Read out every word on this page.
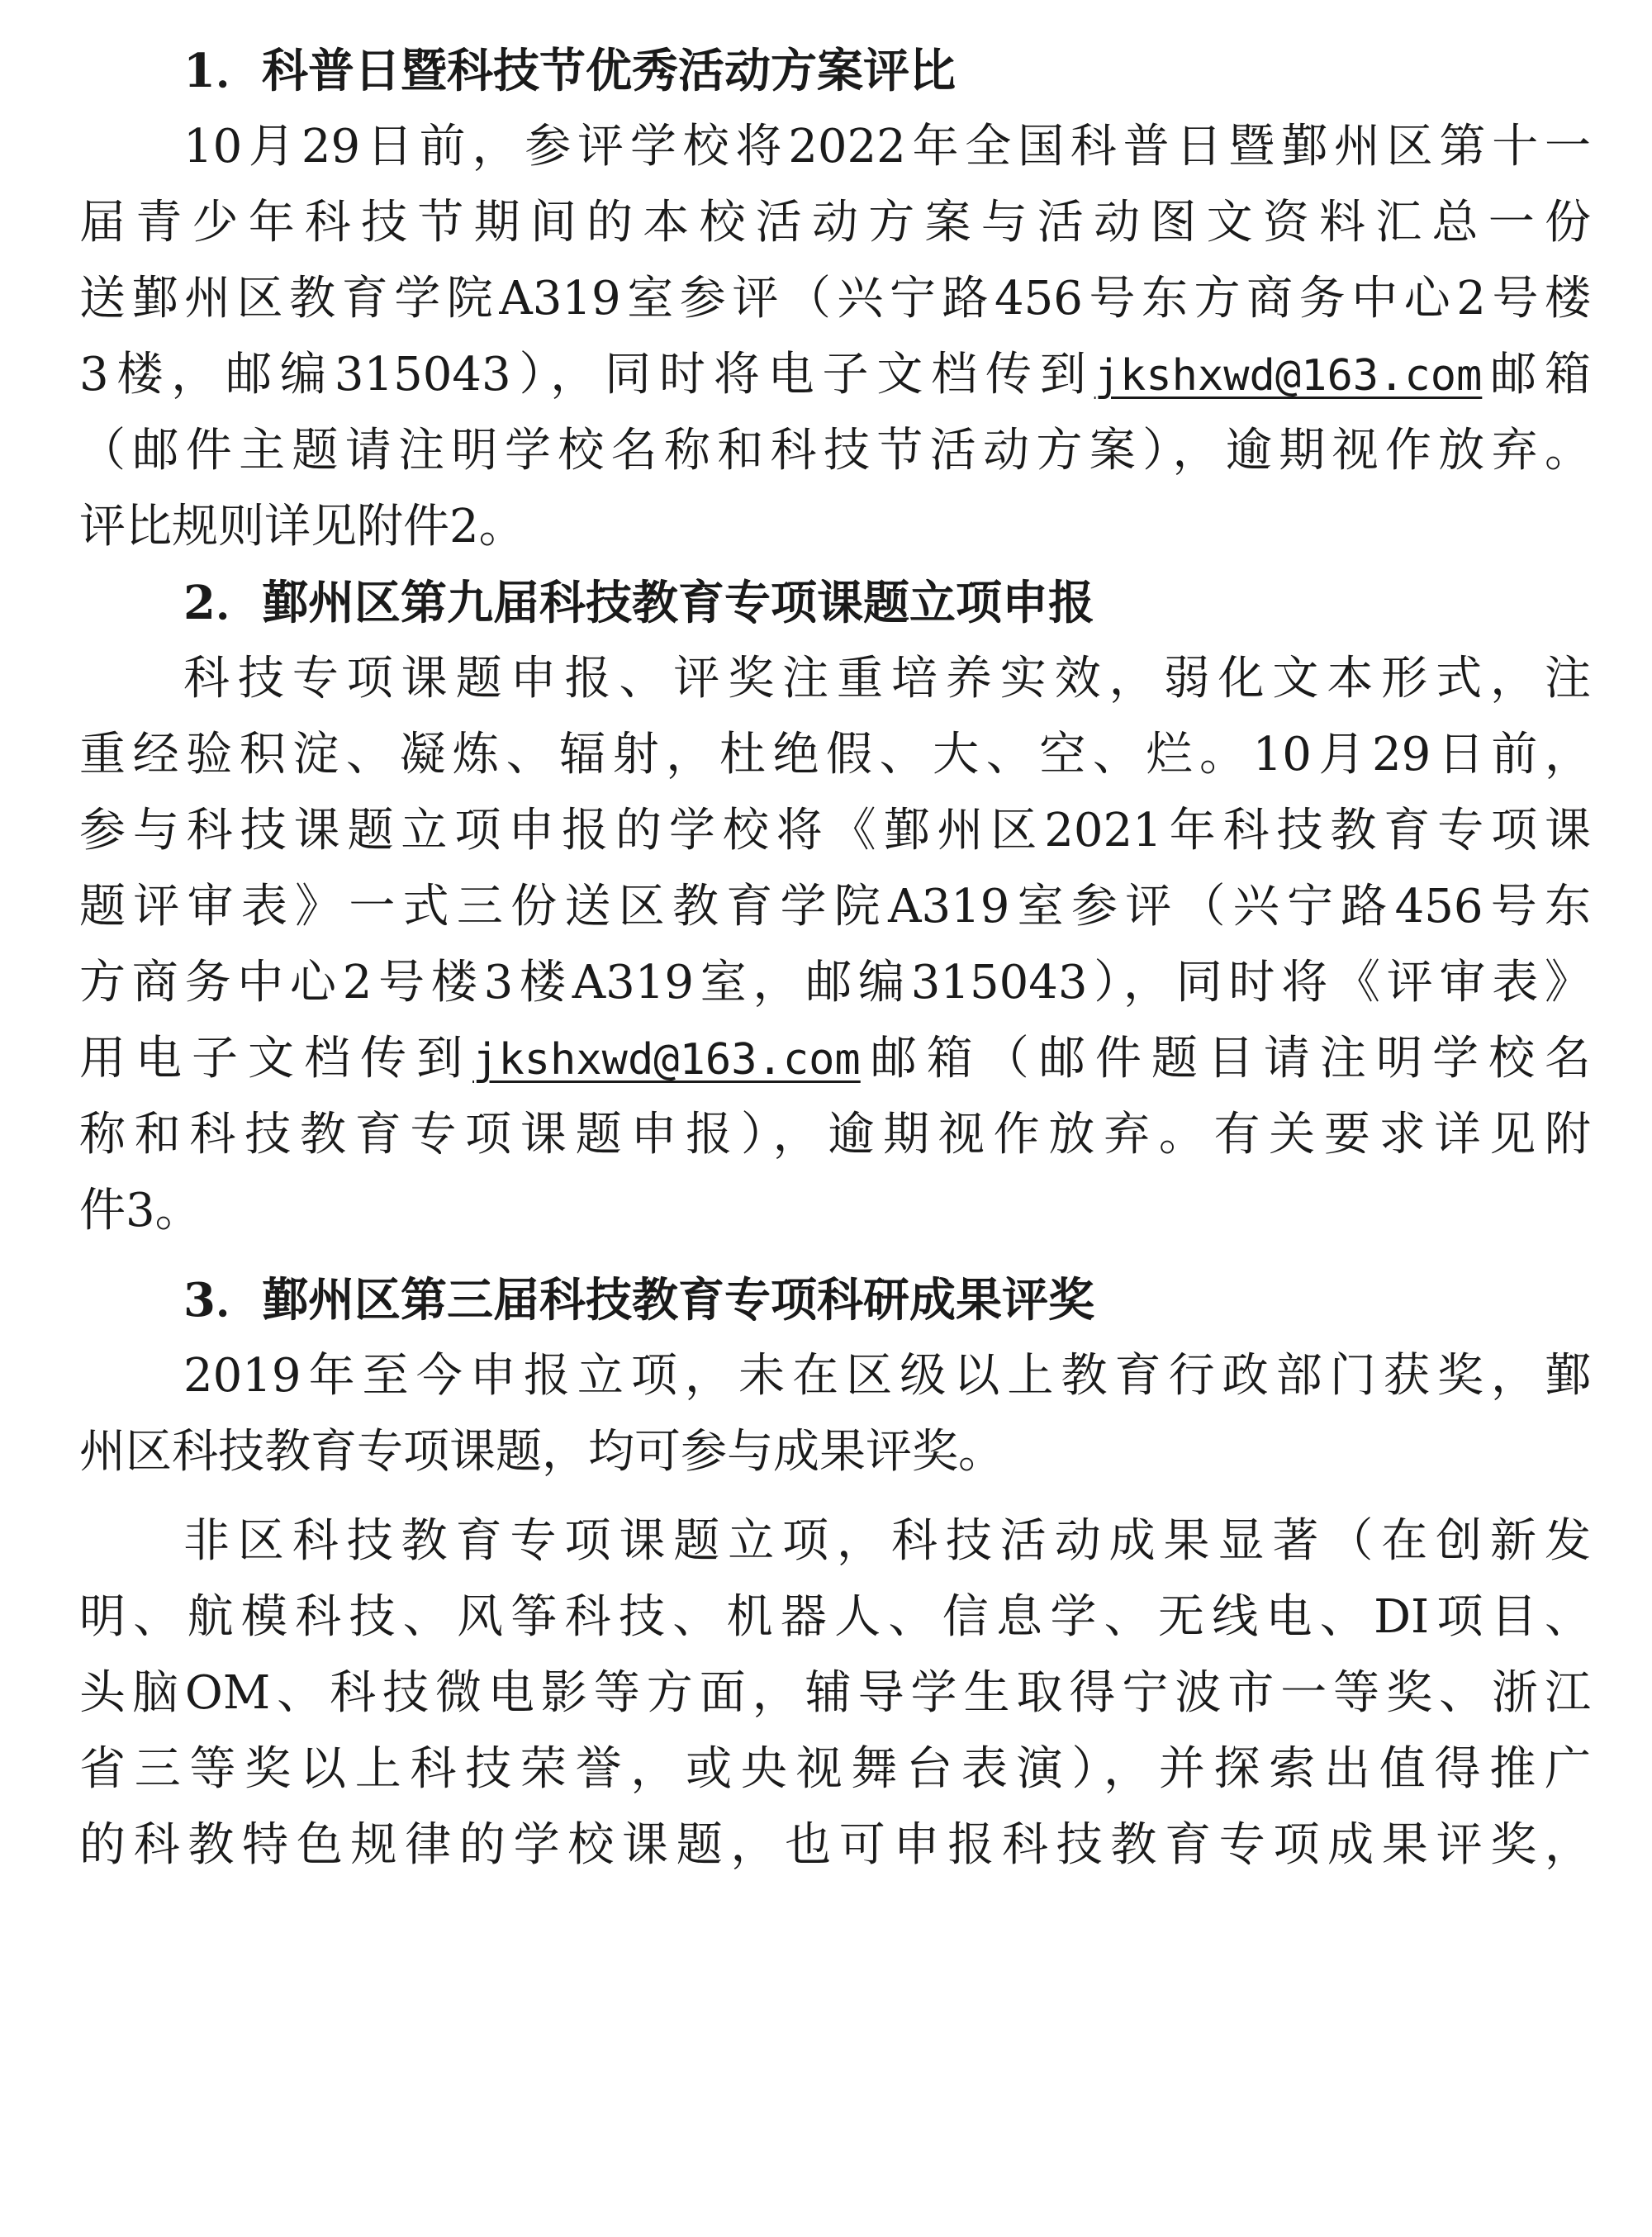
1．科普日暨科技节优秀活动方案评比
10月29日前，参评学校将2022年全国科普日暨鄞州区第十一
届青少年科技节期间的本校活动方案与活动图文资料汇总一份
送鄞州区教育学院A319室参评（兴宁路456号东方商务中心2号楼
3楼，邮编315043），同时将电子文档传到jkshxwd@163.com邮箱
（邮件主题请注明学校名称和科技节活动方案），逾期视作放弃。
评比规则详见附件2。
2．鄞州区第九届科技教育专项课题立项申报
科技专项课题申报、评奖注重培养实效，弱化文本形式，注
重经验积淀、凝炼、辐射，杜绝假、大、空、烂。10月29日前，
参与科技课题立项申报的学校将《鄞州区2021年科技教育专项课
题评审表》一式三份送区教育学院A319室参评（兴宁路456号东
方商务中心2号楼3楼A319室，邮编315043），同时将《评审表》
用电子文档传到jkshxwd@163.com邮箱（邮件题目请注明学校名
称和科技教育专项课题申报），逾期视作放弃。有关要求详见附
件3。
3．鄞州区第三届科技教育专项科研成果评奖
2019年至今申报立项，未在区级以上教育行政部门获奖，鄞
州区科技教育专项课题，均可参与成果评奖。
非区科技教育专项课题立项，科技活动成果显著（在创新发
明、航模科技、风筝科技、机器人、信息学、无线电、DI项目、
头脑OM、科技微电影等方面，辅导学生取得宁波市一等奖、浙江
省三等奖以上科技荣誉，或央视舞台表演），并探索出值得推广
的科教特色规律的学校课题，也可申报科技教育专项成果评奖，
